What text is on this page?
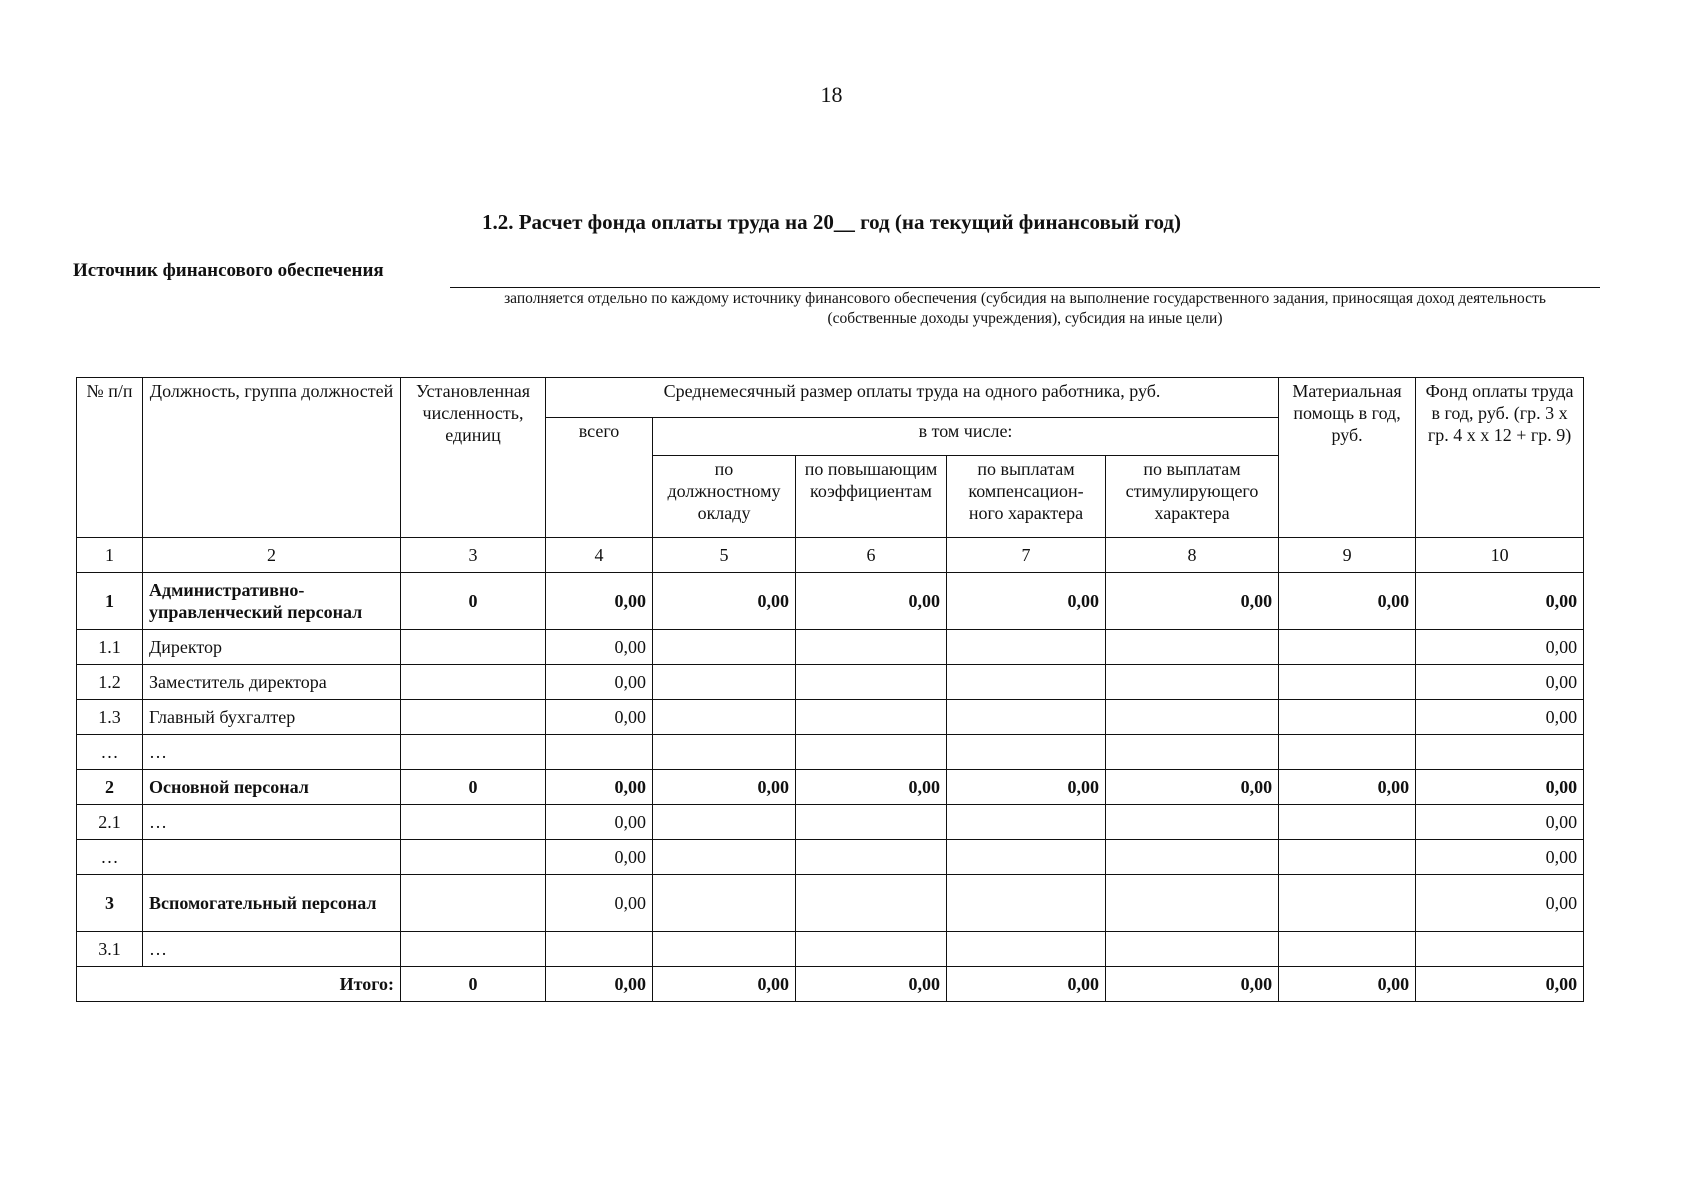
18
1.2. Расчет фонда оплаты труда на 20__ год (на текущий финансовый год)
Источник финансового обеспечения
заполняется отдельно по каждому источнику финансового обеспечения (субсидия на выполнение государственного задания, приносящая доход деятельность (собственные доходы учреждения), субсидия на иные цели)
№ п/п	Должность, группа должностей	Установленная численность, единиц	Среднемесячный размер оплаты труда на одного работника, руб.					Материальная помощь в год, руб.	Фонд оплаты труда в год, руб. (гр. 3 х гр. 4 х х 12 + гр. 9)
			всего	в том числе:					
				по должностному окладу	по повышающим коэффициентам	по выплатам компенсацион-ного характера	по выплатам стимулирующего характера		
1	2	3	4	5	6	7	8	9	10
1	Административно-управленческий персонал	0	0,00	0,00	0,00	0,00	0,00	0,00	0,00
1.1	Директор		0,00						0,00
1.2	Заместитель директора		0,00						0,00
1.3	Главный бухгалтер		0,00						0,00
…	…								
2	Основной персонал	0	0,00	0,00	0,00	0,00	0,00	0,00	0,00
2.1	…		0,00						0,00
…			0,00						0,00
3	Вспомогательный персонал		0,00						0,00
3.1	…								
Итого:		0	0,00	0,00	0,00	0,00	0,00	0,00	0,00
